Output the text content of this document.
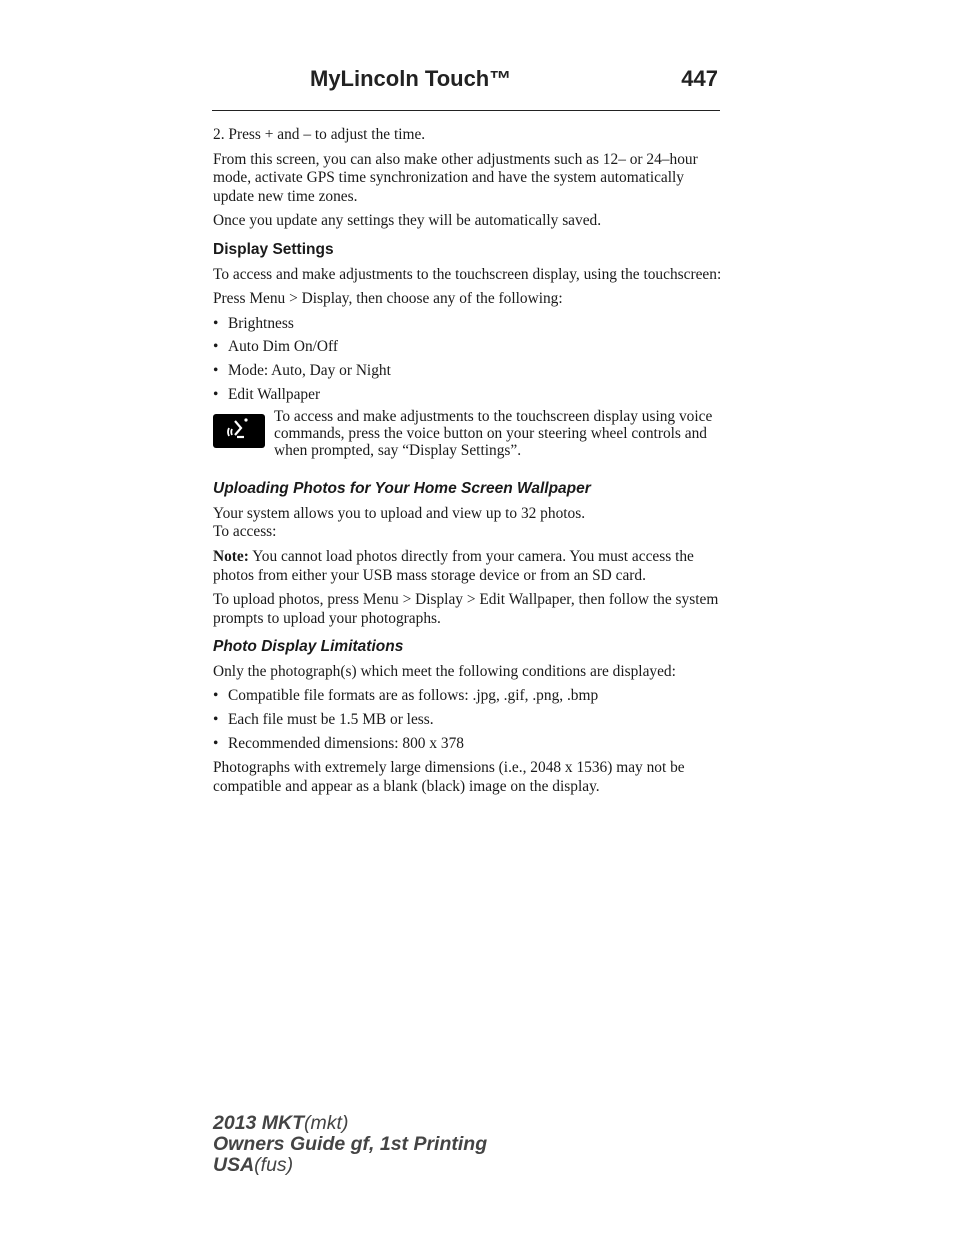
MyLincoln Touch™	447

2. Press + and – to adjust the time.

From this screen, you can also make other adjustments such as 12– or 24–hour mode, activate GPS time synchronization and have the system automatically update new time zones.

Once you update any settings they will be automatically saved.

Display Settings

To access and make adjustments to the touchscreen display, using the touchscreen:

Press Menu > Display, then choose any of the following:

• Brightness
• Auto Dim On/Off
• Mode: Auto, Day or Night
• Edit Wallpaper
To access and make adjustments to the touchscreen display using voice commands, press the voice button on your steering wheel controls and when prompted, say “Display Settings”.
Uploading Photos for Your Home Screen Wallpaper

Your system allows you to upload and view up to 32 photos.

To access:

Note: You cannot load photos directly from your camera. You must access the photos from either your USB mass storage device or from an SD card.

To upload photos, press Menu > Display > Edit Wallpaper, then follow the system prompts to upload your photographs.

Photo Display Limitations

Only the photograph(s) which meet the following conditions are displayed:

• Compatible file formats are as follows: .jpg, .gif, .png, .bmp
• Each file must be 1.5 MB or less.
• Recommended dimensions: 800 x 378

Photographs with extremely large dimensions (i.e., 2048 x 1536) may not be compatible and appear as a blank (black) image on the display.

2013 MKT(mkt)
Owners Guide gf, 1st Printing
USA(fus)
